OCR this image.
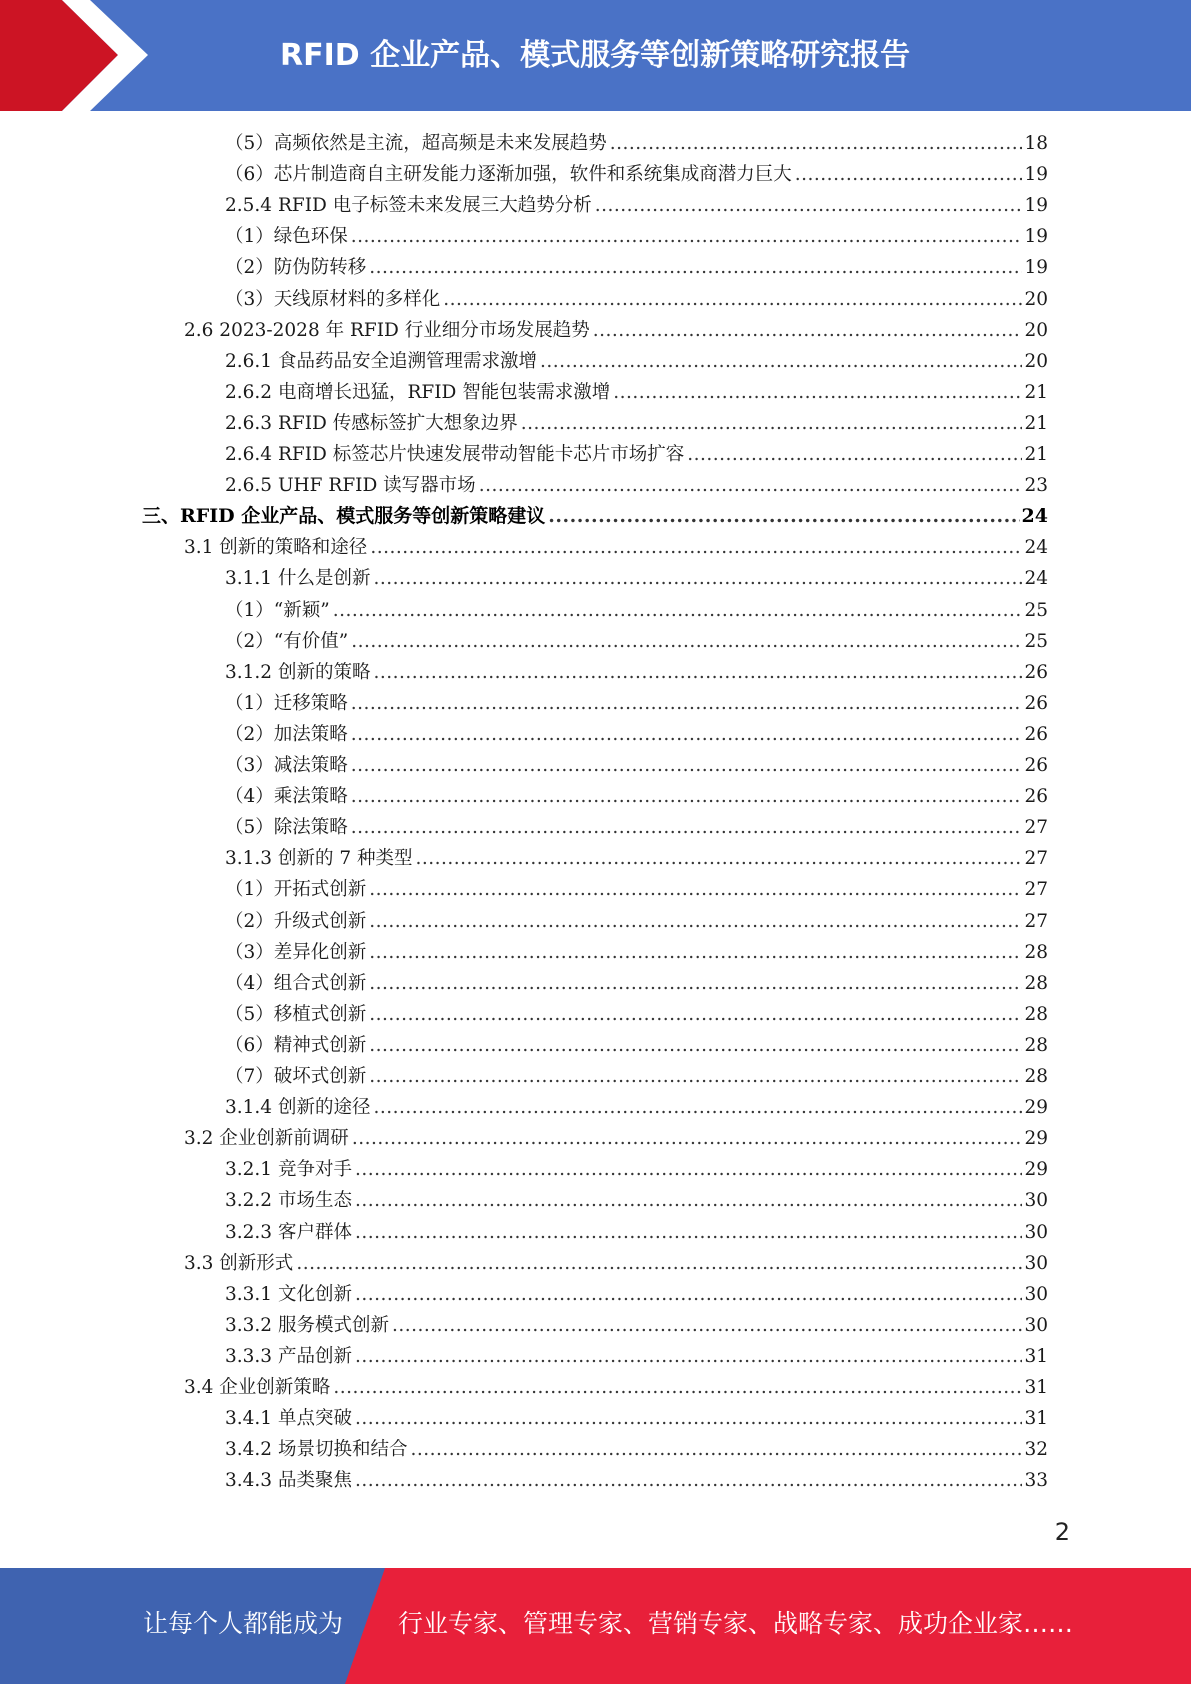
RFID 企业产品、模式服务等创新策略研究报告
（5）高频依然是主流，超高频是未来发展趋势 .....	18
（6）芯片制造商自主研发能力逐渐加强，软件和系统集成商潜力巨大 .....	19
2.5.4 RFID 电子标签未来发展三大趋势分析 .....	19
（1）绿色环保 .....	19
（2）防伪防转移 .....	19
（3）天线原材料的多样化 .....	20
2.6 2023-2028 年 RFID 行业细分市场发展趋势 .....	20
2.6.1 食品药品安全追溯管理需求激增 .....	20
2.6.2 电商增长迅猛，RFID 智能包装需求激增 .....	21
2.6.3 RFID 传感标签扩大想象边界 .....	21
2.6.4 RFID 标签芯片快速发展带动智能卡芯片市场扩容 .....	21
2.6.5 UHF RFID 读写器市场 .....	23
三、RFID 企业产品、模式服务等创新策略建议 .....	24
3.1 创新的策略和途径 .....	24
3.1.1 什么是创新 .....	24
（1）“新颖” .....	25
（2）“有价值” .....	25
3.1.2 创新的策略 .....	26
（1）迁移策略 .....	26
（2）加法策略 .....	26
（3）减法策略 .....	26
（4）乘法策略 .....	26
（5）除法策略 .....	27
3.1.3 创新的 7 种类型 .....	27
（1）开拓式创新 .....	27
（2）升级式创新 .....	27
（3）差异化创新 .....	28
（4）组合式创新 .....	28
（5）移植式创新 .....	28
（6）精神式创新 .....	28
（7）破坏式创新 .....	28
3.1.4 创新的途径 .....	29
3.2 企业创新前调研 .....	29
3.2.1 竞争对手 .....	29
3.2.2 市场生态 .....	30
3.2.3 客户群体 .....	30
3.3 创新形式 .....	30
3.3.1 文化创新 .....	30
3.3.2 服务模式创新 .....	30
3.3.3 产品创新 .....	31
3.4 企业创新策略 .....	31
3.4.1 单点突破 .....	31
3.4.2 场景切换和结合 .....	32
3.4.3 品类聚焦 .....	33
2
让每个人都能成为 行业专家、管理专家、营销专家、战略专家、成功企业家……
